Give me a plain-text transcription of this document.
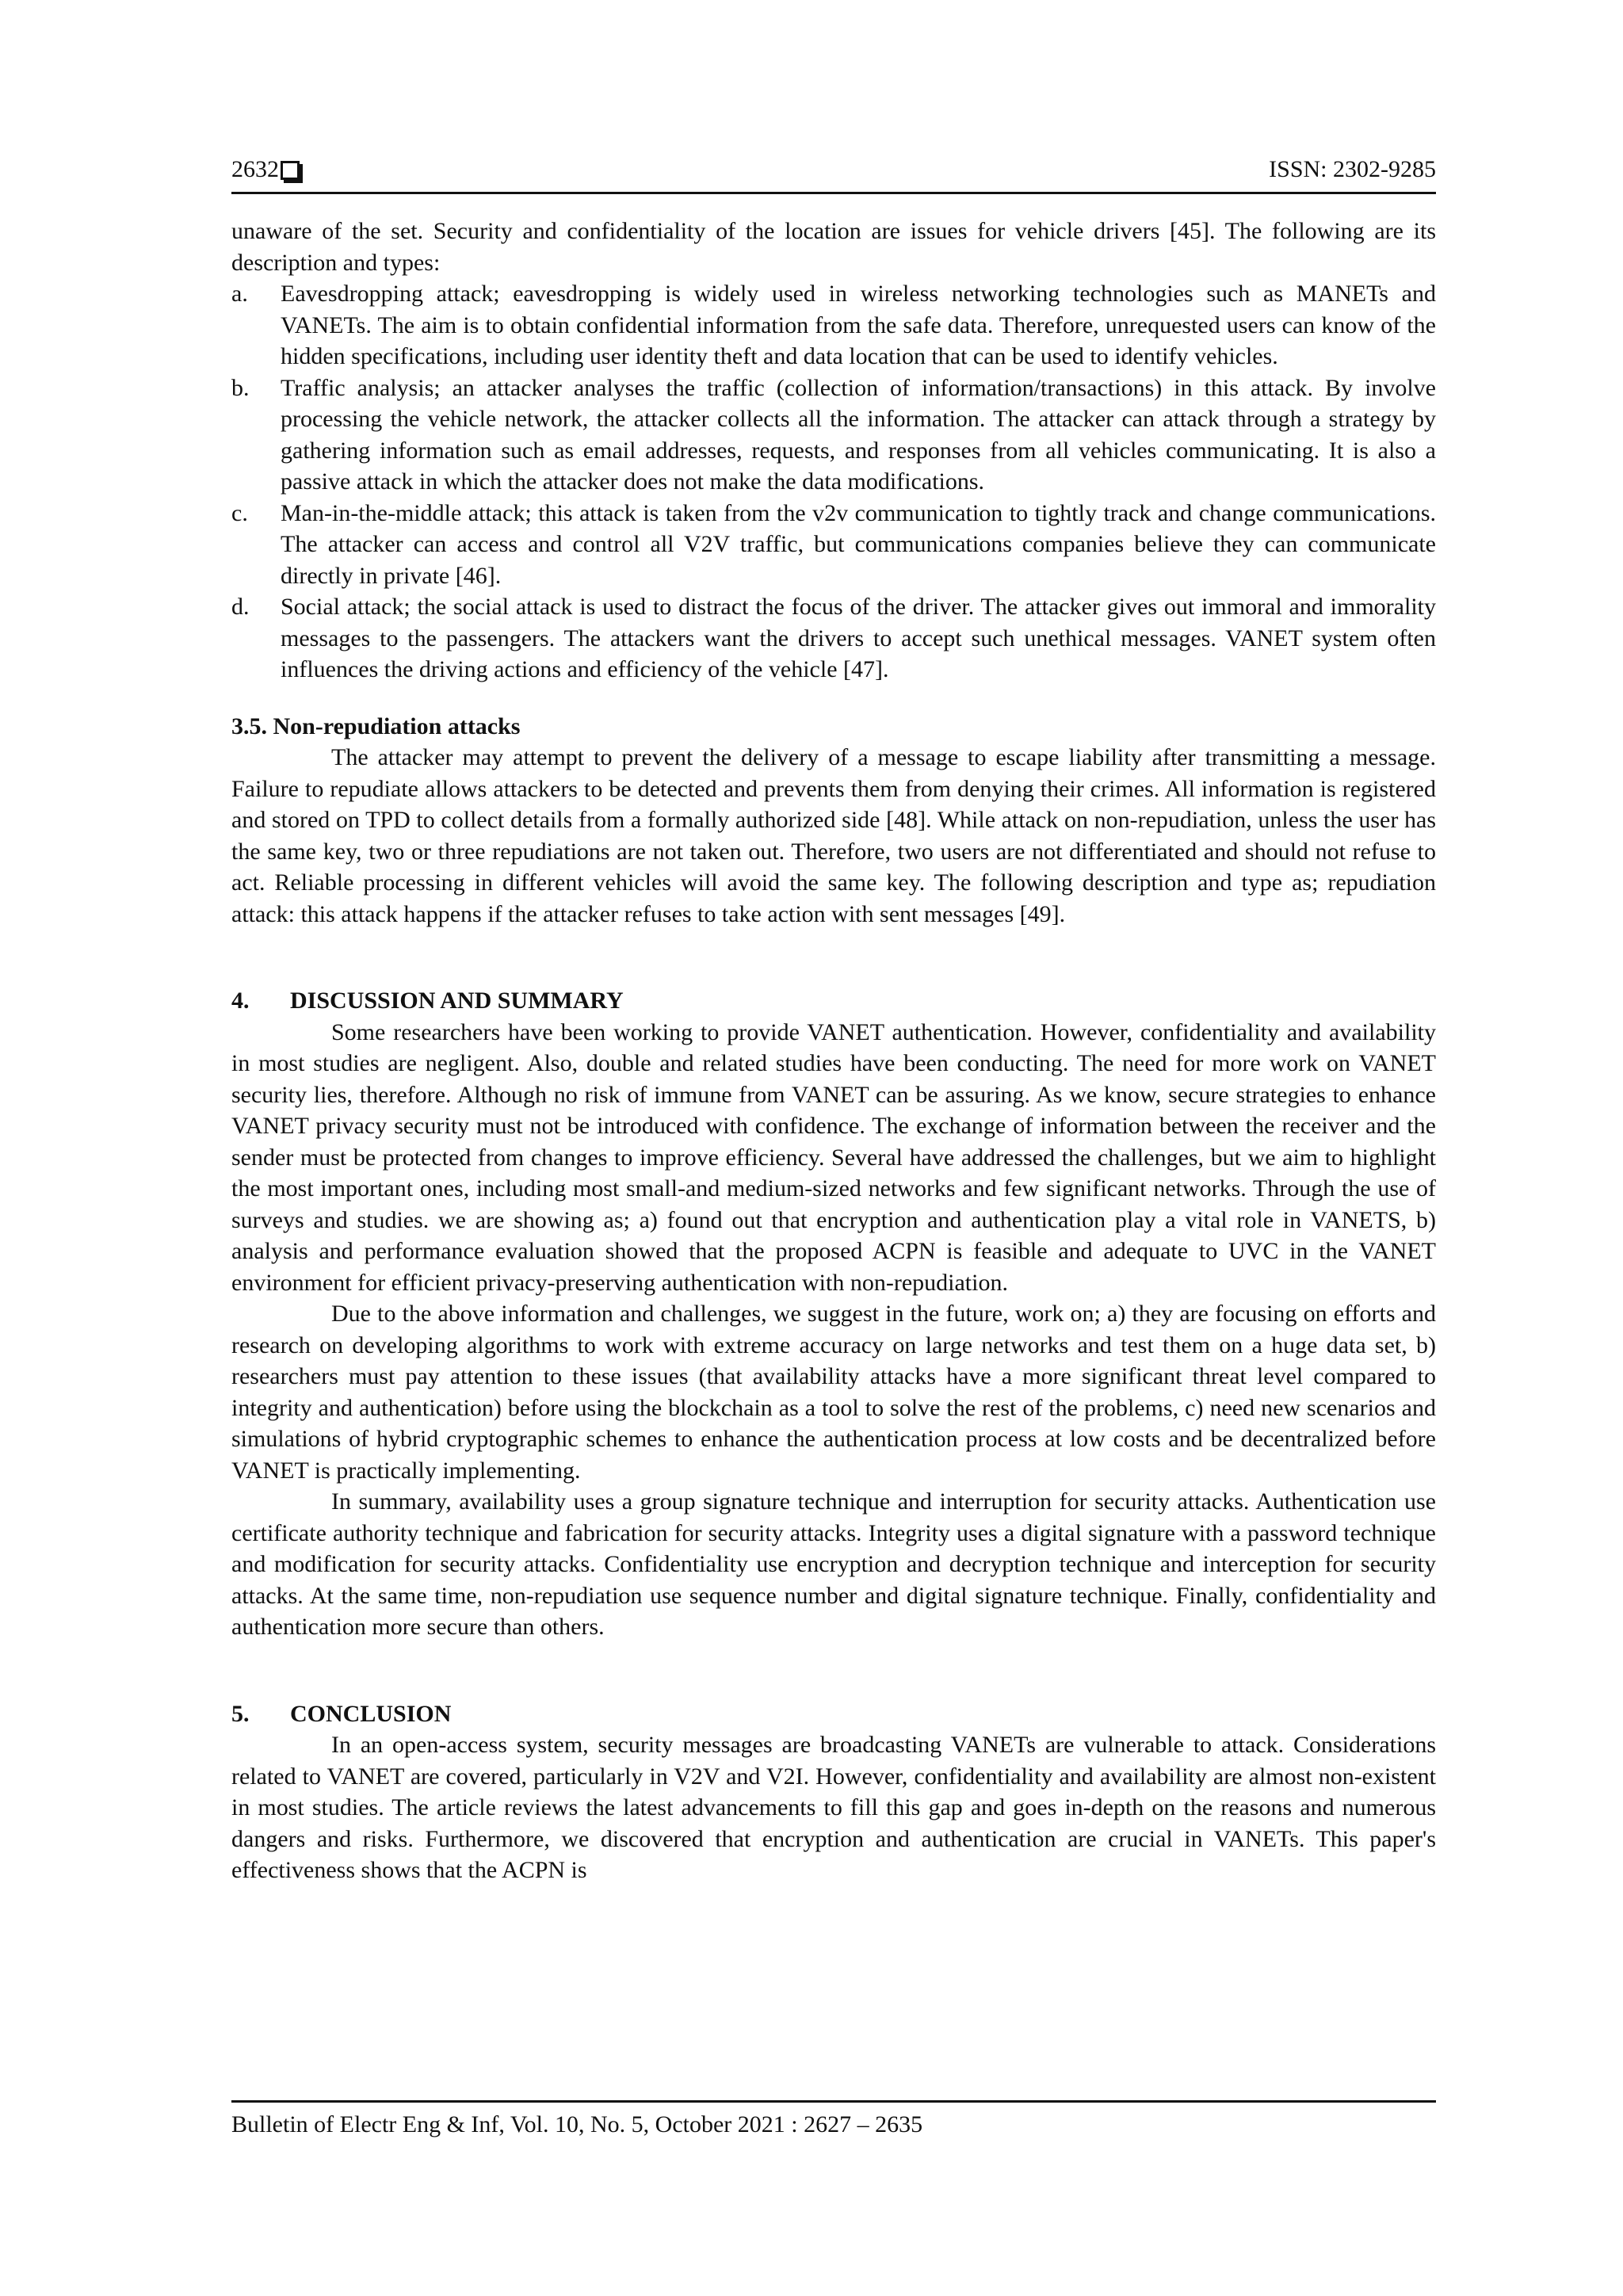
2632	ISSN: 2302-9285

unaware of the set. Security and confidentiality of the location are issues for vehicle drivers [45]. The following are its description and types:

a. Eavesdropping attack; eavesdropping is widely used in wireless networking technologies such as MANETs and VANETs. The aim is to obtain confidential information from the safe data. Therefore, unrequested users can know of the hidden specifications, including user identity theft and data location that can be used to identify vehicles.
b. Traffic analysis; an attacker analyses the traffic (collection of information/transactions) in this attack. By involve processing the vehicle network, the attacker collects all the information. The attacker can attack through a strategy by gathering information such as email addresses, requests, and responses from all vehicles communicating. It is also a passive attack in which the attacker does not make the data modifications.
c. Man-in-the-middle attack; this attack is taken from the v2v communication to tightly track and change communications. The attacker can access and control all V2V traffic, but communications companies believe they can communicate directly in private [46].
d. Social attack; the social attack is used to distract the focus of the driver. The attacker gives out immoral and immorality messages to the passengers. The attackers want the drivers to accept such unethical messages. VANET system often influences the driving actions and efficiency of the vehicle [47].
3.5. Non-repudiation attacks

The attacker may attempt to prevent the delivery of a message to escape liability after transmitting a message. Failure to repudiate allows attackers to be detected and prevents them from denying their crimes. All information is registered and stored on TPD to collect details from a formally authorized side [48]. While attack on non-repudiation, unless the user has the same key, two or three repudiations are not taken out. Therefore, two users are not differentiated and should not refuse to act. Reliable processing in different vehicles will avoid the same key. The following description and type as; repudiation attack: this attack happens if the attacker refuses to take action with sent messages [49].

4. DISCUSSION AND SUMMARY

Some researchers have been working to provide VANET authentication. However, confidentiality and availability in most studies are negligent. Also, double and related studies have been conducting. The need for more work on VANET security lies, therefore. Although no risk of immune from VANET can be assuring. As we know, secure strategies to enhance VANET privacy security must not be introduced with confidence. The exchange of information between the receiver and the sender must be protected from changes to improve efficiency. Several have addressed the challenges, but we aim to highlight the most important ones, including most small-and medium-sized networks and few significant networks. Through the use of surveys and studies. we are showing as; a) found out that encryption and authentication play a vital role in VANETS, b) analysis and performance evaluation showed that the proposed ACPN is feasible and adequate to UVC in the VANET environment for efficient privacy-preserving authentication with non-repudiation.

Due to the above information and challenges, we suggest in the future, work on; a) they are focusing on efforts and research on developing algorithms to work with extreme accuracy on large networks and test them on a huge data set, b) researchers must pay attention to these issues (that availability attacks have a more significant threat level compared to integrity and authentication) before using the blockchain as a tool to solve the rest of the problems, c) need new scenarios and simulations of hybrid cryptographic schemes to enhance the authentication process at low costs and be decentralized before VANET is practically implementing.

In summary, availability uses a group signature technique and interruption for security attacks. Authentication use certificate authority technique and fabrication for security attacks. Integrity uses a digital signature with a password technique and modification for security attacks. Confidentiality use encryption and decryption technique and interception for security attacks. At the same time, non-repudiation use sequence number and digital signature technique. Finally, confidentiality and authentication more secure than others.

5. CONCLUSION

In an open-access system, security messages are broadcasting VANETs are vulnerable to attack. Considerations related to VANET are covered, particularly in V2V and V2I. However, confidentiality and availability are almost non-existent in most studies. The article reviews the latest advancements to fill this gap and goes in-depth on the reasons and numerous dangers and risks. Furthermore, we discovered that encryption and authentication are crucial in VANETs. This paper's effectiveness shows that the ACPN is

Bulletin of Electr Eng & Inf, Vol. 10, No. 5, October 2021 : 2627 – 2635
